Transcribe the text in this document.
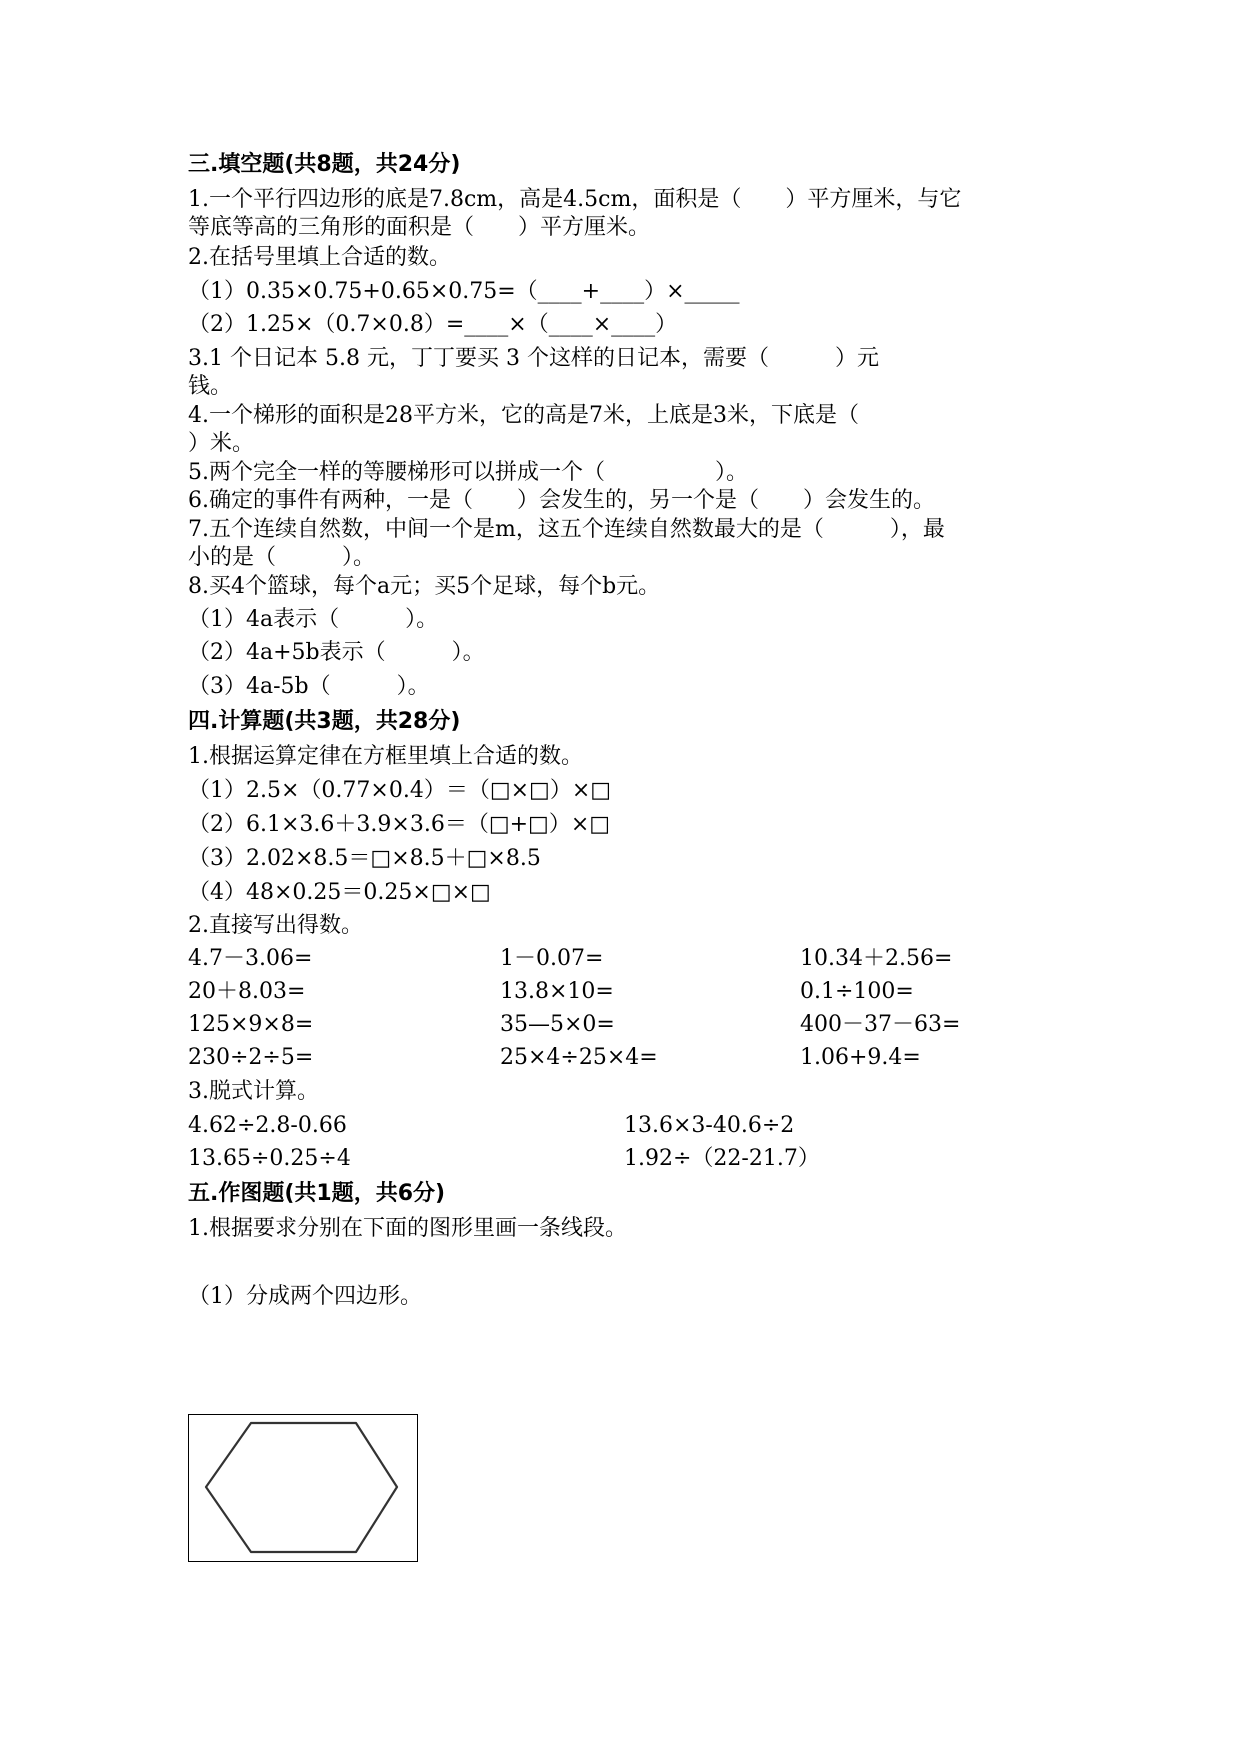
三.填空题(共8题，共24分)
1.一个平行四边形的底是7.8cm，高是4.5cm，面积是（　　）平方厘米，与它
等底等高的三角形的面积是（　　）平方厘米。
2.在括号里填上合适的数。
（1）0.35×0.75+0.65×0.75=（____+____）×_____
（2）1.25×（0.7×0.8）=____×（____×____）
3.1 个日记本 5.8 元，丁丁要买 3 个这样的日记本，需要（　　　）元
钱。
4.一个梯形的面积是28平方米，它的高是7米，上底是3米，下底是（
）米。
5.两个完全一样的等腰梯形可以拼成一个（　　　　　）。
6.确定的事件有两种，一是（　　）会发生的，另一个是（　　）会发生的。
7.五个连续自然数，中间一个是m，这五个连续自然数最大的是（　　　），最
小的是（　　　）。
8.买4个篮球，每个a元；买5个足球，每个b元。
（1）4a表示（　　　）。
（2）4a+5b表示（　　　）。
（3）4a-5b（　　　）。
四.计算题(共3题，共28分)
1.根据运算定律在方框里填上合适的数。
（1）2.5×（0.77×0.4）＝（□×□）×□
（2）6.1×3.6＋3.9×3.6＝（□+□）×□
（3）2.02×8.5＝□×8.5＋□×8.5
（4）48×0.25＝0.25×□×□
2.直接写出得数。
4.7－3.06=	1－0.07=	10.34＋2.56=
20＋8.03=	13.8×10=	0.1÷100=
125×9×8=	35—5×0=	400－37－63=
230÷2÷5=	25×4÷25×4=	1.06+9.4=
3.脱式计算。
4.62÷2.8-0.66	13.6×3-40.6÷2
13.65÷0.25÷4	1.92÷（22-21.7）
五.作图题(共1题，共6分)
1.根据要求分别在下面的图形里画一条线段。
（1）分成两个四边形。
